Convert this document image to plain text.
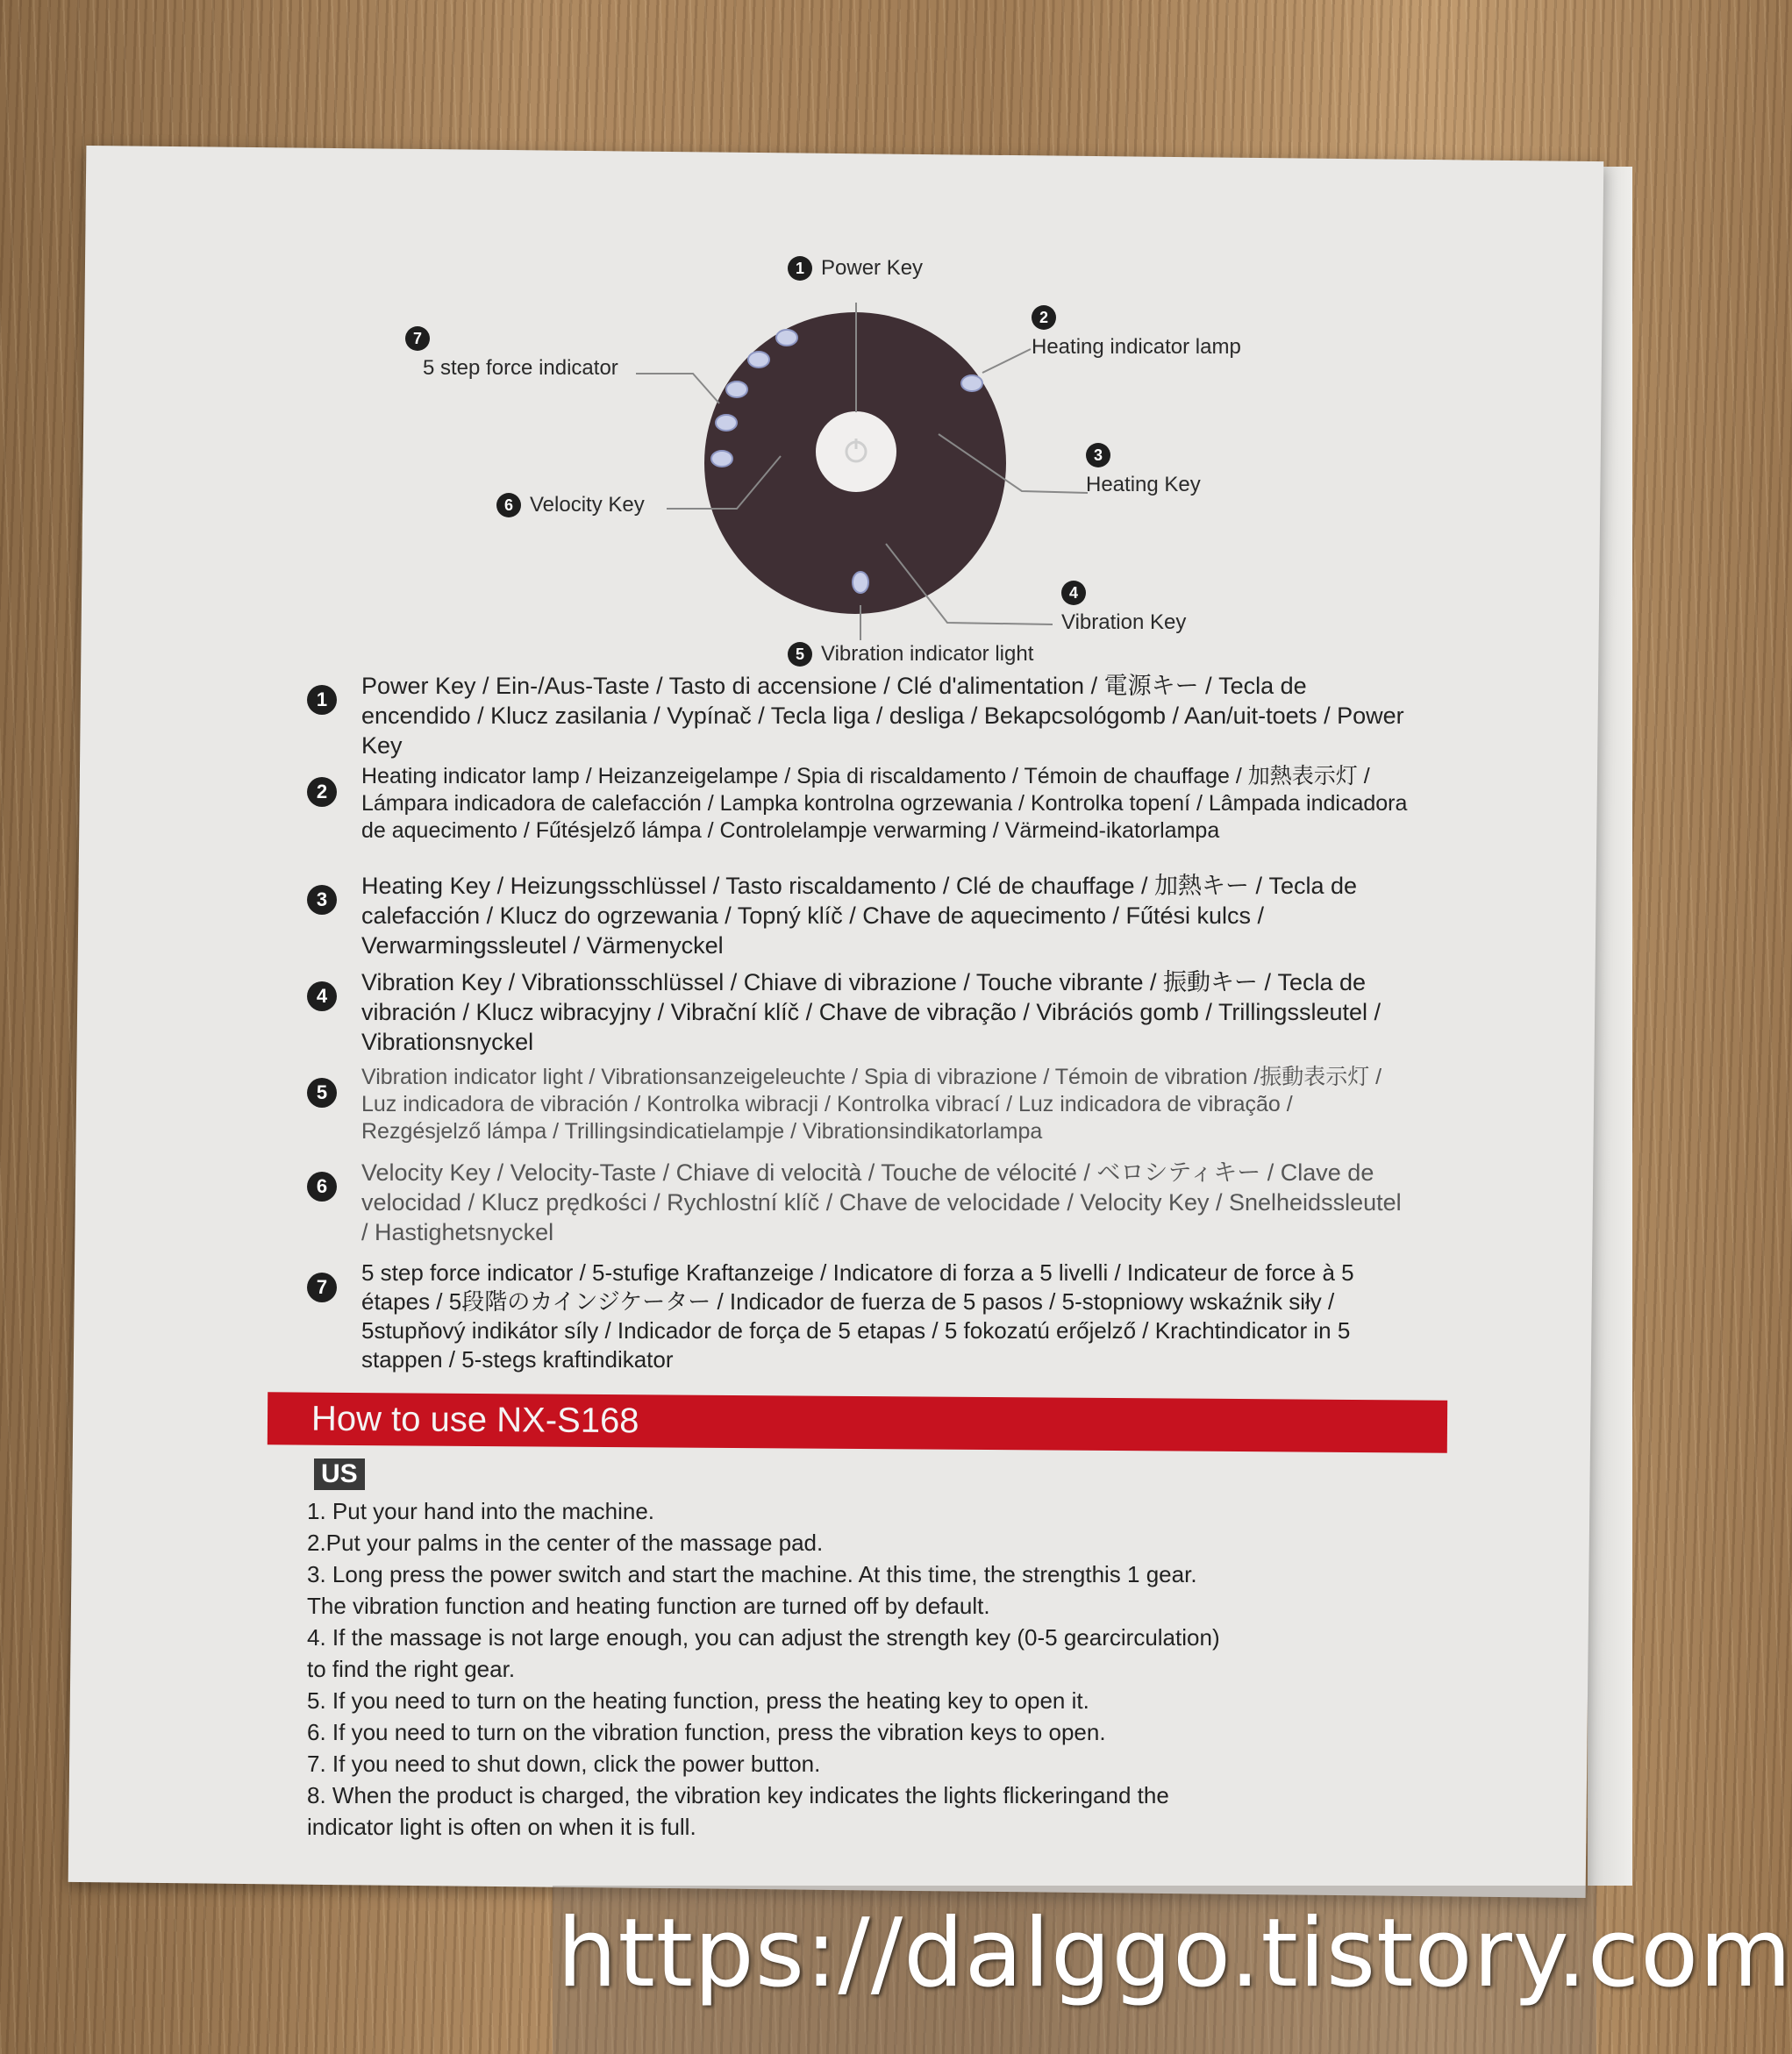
1 Power Key
2
Heating indicator lamp
3
Heating Key
4
Vibration Key
5 Vibration indicator light
6 Velocity Key
7
5 step force indicator
1
Power Key / Ein-/Aus-Taste / Tasto di accensione / Clé d'alimentation / 電源キー / Tecla de encendido / Klucz zasilania / Vypínač / Tecla liga / desliga / Bekapcsológomb / Aan/uit-toets / Power Key
2
Heating indicator lamp / Heizanzeigelampe / Spia di riscaldamento / Témoin de chauffage / 加熱表示灯 / Lámpara indicadora de calefacción / Lampka kontrolna ogrzewania / Kontrolka topení / Lâmpada indicadora de aquecimento / Fűtésjelző lámpa / Controlelampje verwarming / Värmeind-ikatorlampa
3
Heating Key / Heizungsschlüssel / Tasto riscaldamento / Clé de chauffage / 加熱キー / Tecla de calefacción / Klucz do ogrzewania / Topný klíč / Chave de aquecimento / Fűtési kulcs / Verwarmingssleutel / Värmenyckel
4
Vibration Key / Vibrationsschlüssel / Chiave di vibrazione / Touche vibrante / 振動キー / Tecla de vibración / Klucz wibracyjny / Vibrační klíč / Chave de vibração / Vibrációs gomb / Trillingssleutel / Vibrationsnyckel
5
Vibration indicator light / Vibrationsanzeigeleuchte / Spia di vibrazione / Témoin de vibration /振動表示灯 / Luz indicadora de vibración / Kontrolka wibracji / Kontrolka vibrací / Luz indicadora de vibração / Rezgésjelző lámpa / Trillingsindicatielampje / Vibrationsindikatorlampa
6
Velocity Key / Velocity-Taste / Chiave di velocità / Touche de vélocité / ベロシティキー / Clave de velocidad / Klucz prędkości / Rychlostní klíč / Chave de velocidade / Velocity Key / Snelheidssleutel / Hastighetsnyckel
7
5 step force indicator / 5-stufige Kraftanzeige / Indicatore di forza a 5 livelli / Indicateur de force à 5 étapes / 5段階のカインジケーター / Indicador de fuerza de 5 pasos / 5-stopniowy wskaźnik siły / 5stupňový indikátor síly / Indicador de força de 5 etapas / 5 fokozatú erőjelző / Krachtindicator in 5 stappen / 5-stegs kraftindikator
How to use NX-S168
US
1. Put your hand into the machine.
2.Put your palms in the center of the massage pad.
3. Long press the power switch and start the machine. At this time, the strengthis 1 gear.
The vibration function and heating function are turned off by default.
4. If the massage is not large enough, you can adjust the strength key (0-5 gearcirculation)
to find the right gear.
5. If you need to turn on the heating function, press the heating key to open it.
6. If you need to turn on the vibration function, press the vibration keys to open.
7. If you need to shut down, click the power button.
8. When the product is charged, the vibration key indicates the lights flickeringand the
indicator light is often on when it is full.
https://dalggo.tistory.com
